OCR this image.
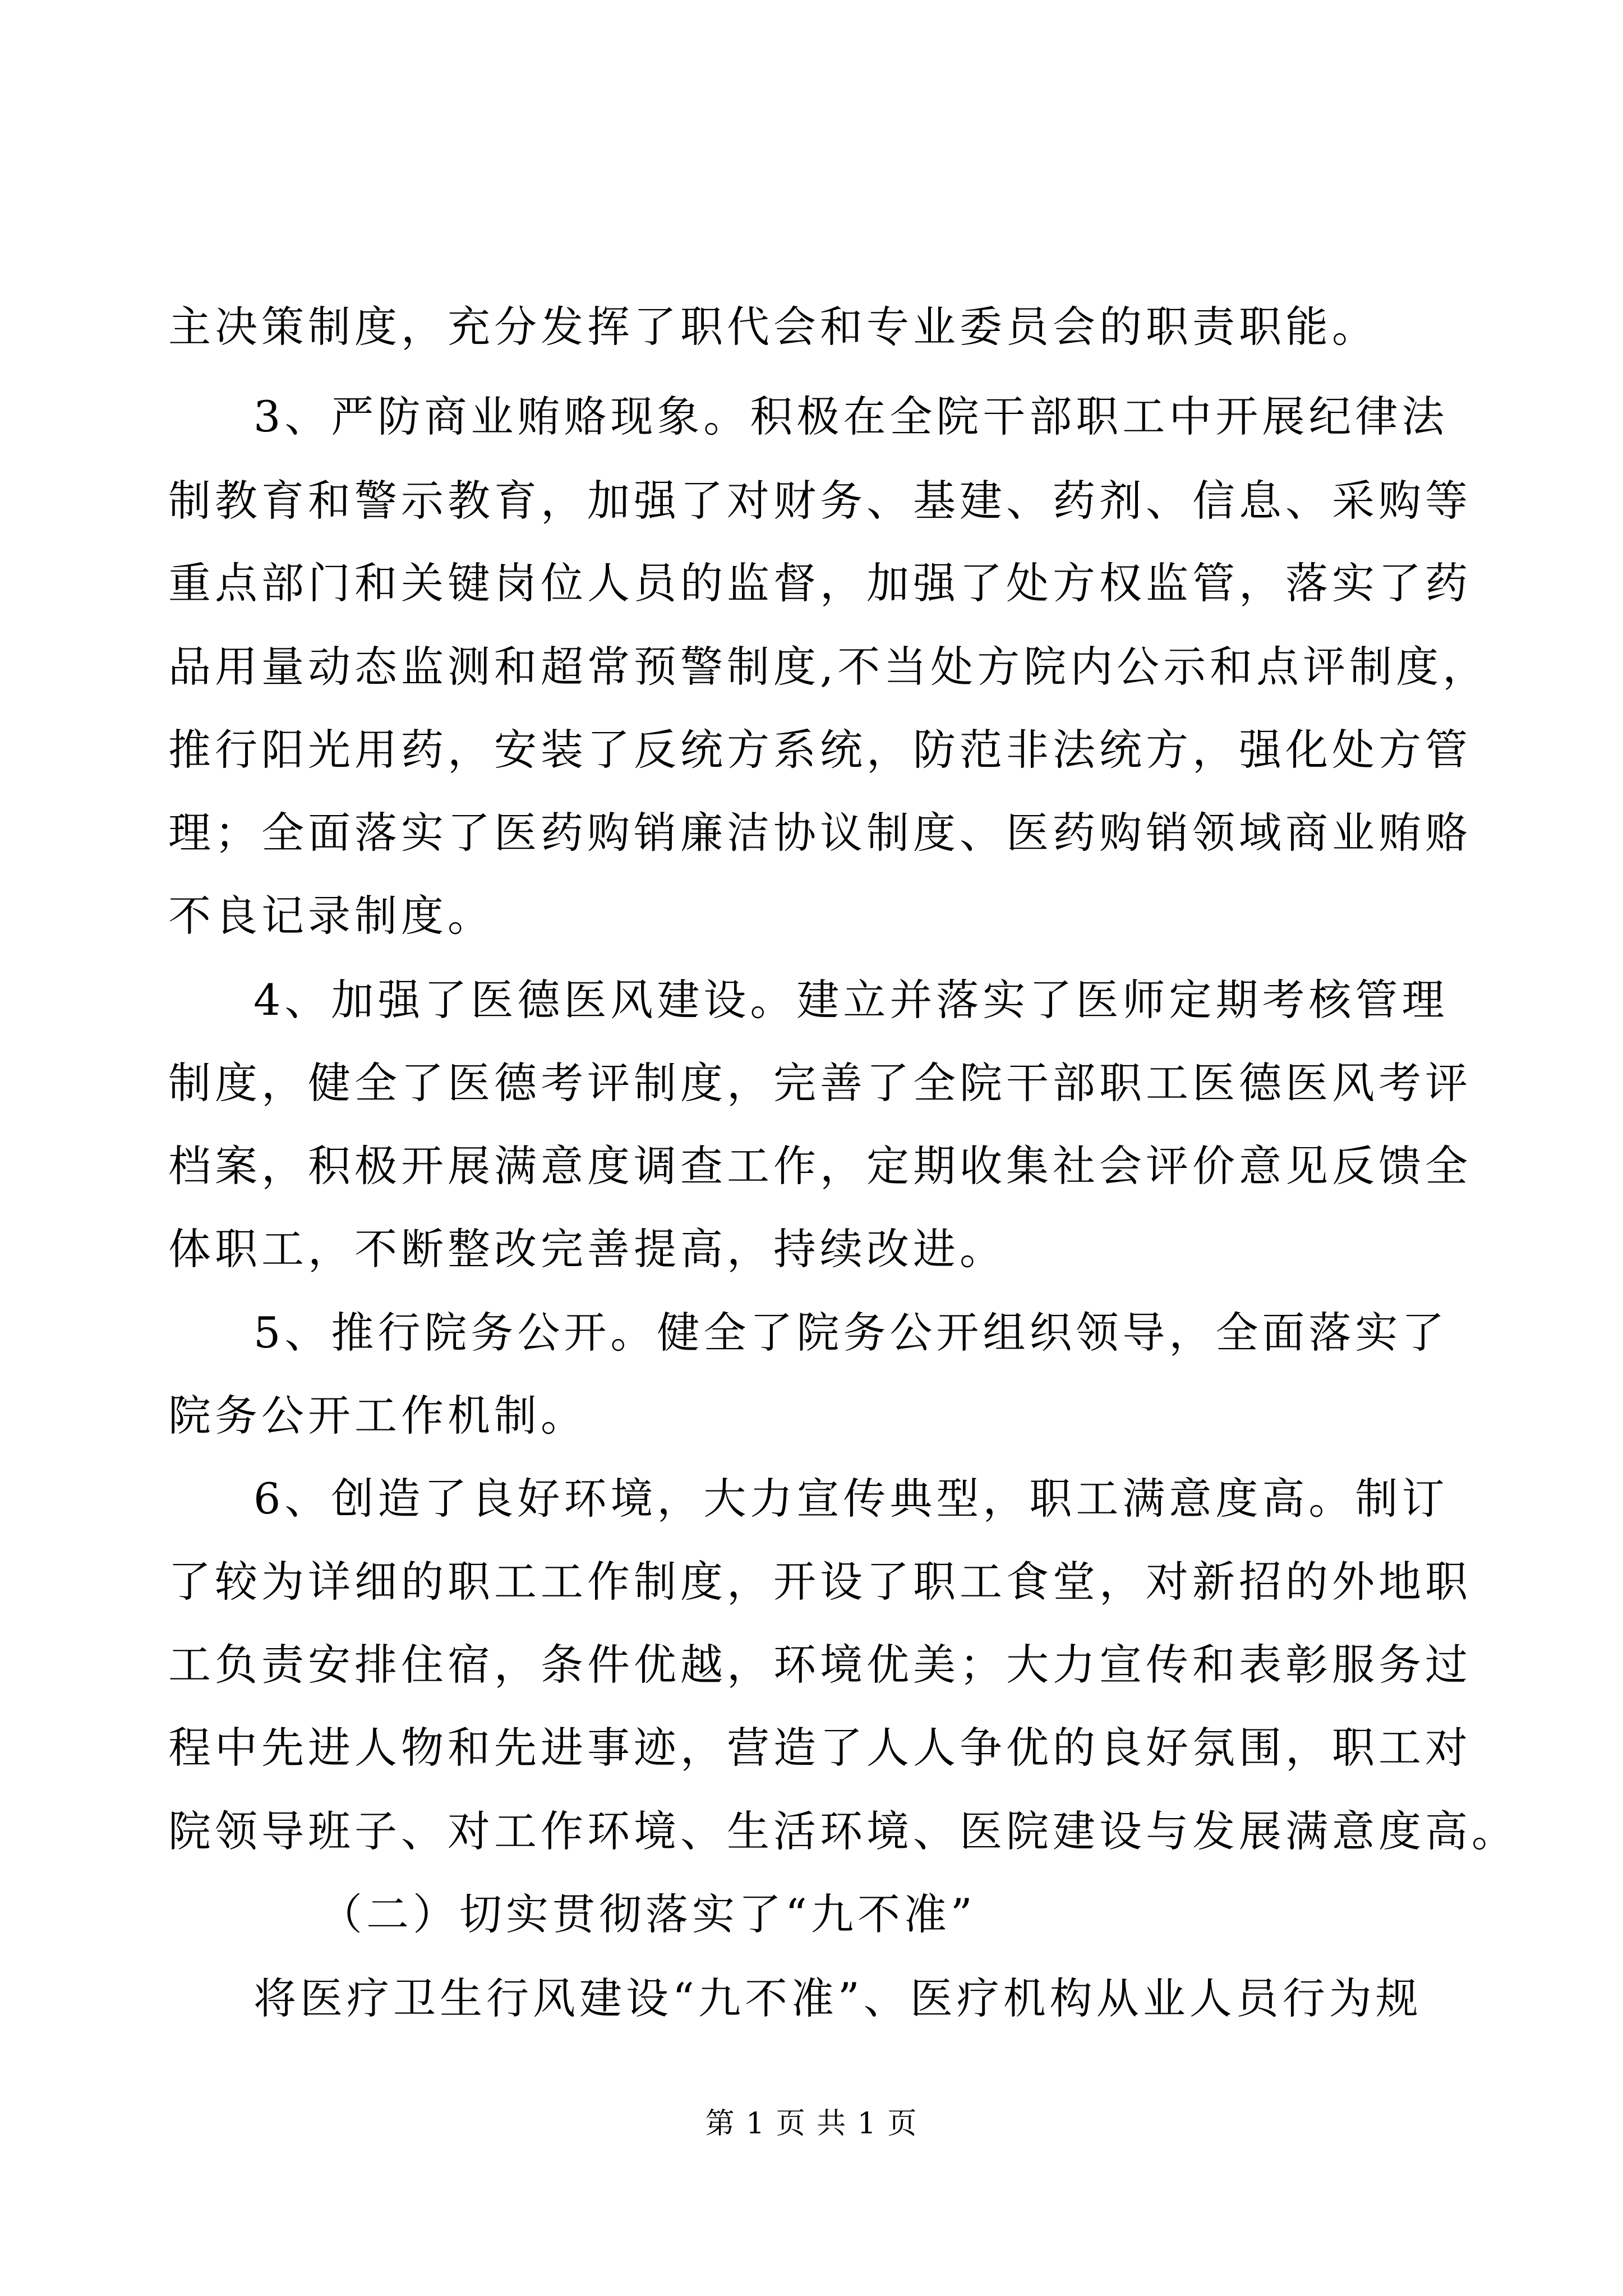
主决策制度，充分发挥了职代会和专业委员会的职责职能。
3、严防商业贿赂现象。积极在全院干部职工中开展纪律法
制教育和警示教育，加强了对财务、基建、药剂、信息、采购等
重点部门和关键岗位人员的监督，加强了处方权监管，落实了药
品用量动态监测和超常预警制度,不当处方院内公示和点评制度，
推行阳光用药，安装了反统方系统，防范非法统方，强化处方管
理；全面落实了医药购销廉洁协议制度、医药购销领域商业贿赂
不良记录制度。
4、加强了医德医风建设。建立并落实了医师定期考核管理
制度，健全了医德考评制度，完善了全院干部职工医德医风考评
档案，积极开展满意度调查工作，定期收集社会评价意见反馈全
体职工，不断整改完善提高，持续改进。
5、推行院务公开。健全了院务公开组织领导，全面落实了
院务公开工作机制。
6、创造了良好环境，大力宣传典型，职工满意度高。制订
了较为详细的职工工作制度，开设了职工食堂，对新招的外地职
工负责安排住宿，条件优越，环境优美；大力宣传和表彰服务过
程中先进人物和先进事迹，营造了人人争优的良好氛围，职工对
院领导班子、对工作环境、生活环境、医院建设与发展满意度高。
（二）切实贯彻落实了“九不准”
将医疗卫生行风建设“九不准”、医疗机构从业人员行为规
第 1 页 共 1 页
